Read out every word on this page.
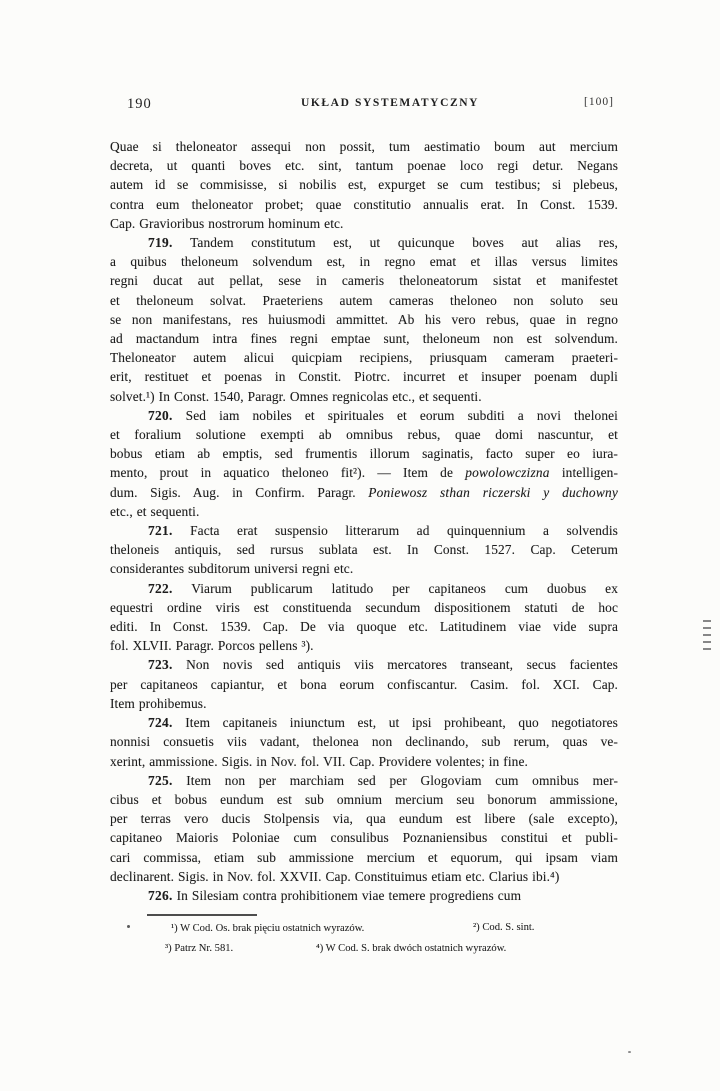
190	UKŁAD SYSTEMATYCZNY	[100]
Quae si theloneator assequi non possit, tum aestimatio boum aut mercium
decreta, ut quanti boves etc. sint, tantum poenae loco regi detur. Negans
autem id se commisisse, si nobilis est, expurget se cum testibus; si plebeus,
contra eum theloneator probet; quae constitutio annualis erat. In Const. 1539.
Cap. Gravioribus nostrorum hominum etc.
719. Tandem constitutum est, ut quicunque boves aut alias res,
a quibus theloneum solvendum est, in regno emat et illas versus limites
regni ducat aut pellat, sese in cameris theloneatorum sistat et manifestet
et theloneum solvat. Praeteriens autem cameras theloneo non soluto seu
se non manifestans, res huiusmodi ammittet. Ab his vero rebus, quae in regno
ad mactandum intra fines regni emptae sunt, theloneum non est solvendum.
Theloneator autem alicui quicpiam recipiens, priusquam cameram praeteri-
erit, restituet et poenas in Constit. Piotrc. incurret et insuper poenam dupli
solvet.¹) In Const. 1540, Paragr. Omnes regnicolas etc., et sequenti.
720. Sed iam nobiles et spirituales et eorum subditi a novi thelonei
et foralium solutione exempti ab omnibus rebus, quae domi nascuntur, et
bobus etiam ab emptis, sed frumentis illorum saginatis, facto super eo iura-
mento, prout in aquatico theloneo fit²). — Item de powolowczizna intelligen-
dum. Sigis. Aug. in Confirm. Paragr. Poniewosz sthan riczerski y duchowny
etc., et sequenti.
721. Facta erat suspensio litterarum ad quinquennium a solvendis
theloneis antiquis, sed rursus sublata est. In Const. 1527. Cap. Ceterum
considerantes subditorum universi regni etc.
722. Viarum publicarum latitudo per capitaneos cum duobus ex
equestri ordine viris est constituenda secundum dispositionem statuti de hoc
editi. In Const. 1539. Cap. De via quoque etc. Latitudinem viae vide supra
fol. XLVII. Paragr. Porcos pellens ³).
723. Non novis sed antiquis viis mercatores transeant, secus facientes
per capitaneos capiantur, et bona eorum confiscantur. Casim. fol. XCI. Cap.
Item prohibemus.
724. Item capitaneis iniunctum est, ut ipsi prohibeant, quo negotiatores
nonnisi consuetis viis vadant, thelonea non declinando, sub rerum, quas ve-
xerint, ammissione. Sigis. in Nov. fol. VII. Cap. Providere volentes; in fine.
725. Item non per marchiam sed per Glogoviam cum omnibus mer-
cibus et bobus eundum est sub omnium mercium seu bonorum ammissione,
per terras vero ducis Stolpensis via, qua eundum est libere (sale excepto),
capitaneo Maioris Poloniae cum consulibus Poznaniensibus constitui et publi-
cari commissa, etiam sub ammissione mercium et equorum, qui ipsam viam
declinarent. Sigis. in Nov. fol. XXVII. Cap. Constituimus etiam etc. Clarius ibi.⁴)
726. In Silesiam contra prohibitionem viae temere progrediens cum
¹) W Cod. Os. brak pięciu ostatnich wyrazów.	²) Cod. S. sint.
³) Patrz Nr. 581.	⁴) W Cod. S. brak dwóch ostatnich wyrazów.
